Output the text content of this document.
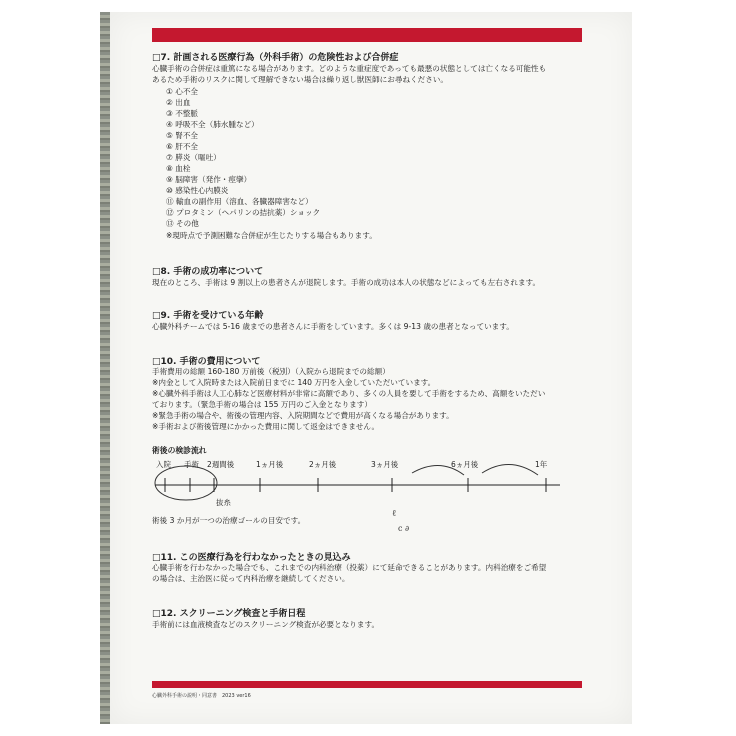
□7. 計画される医療行為（外科手術）の危険性および合併症
心臓手術の合併症は重篤になる場合があります。どのような重症度であっても最悪の状態としては亡くなる可能性も
あるため手術のリスクに関して理解できない場合は繰り返し獣医師にお尋ねください。
① 心不全
② 出血
③ 不整脈
④ 呼吸不全（肺水腫など）
⑤ 腎不全
⑥ 肝不全
⑦ 膵炎（嘔吐）
⑧ 血栓
⑨ 脳障害（発作・痙攣）
⑩ 感染性心内膜炎
⑪ 輸血の副作用（溶血、各臓器障害など）
⑫ プロタミン（ヘパリンの拮抗薬）ショック
⑬ その他
※現時点で予測困難な合併症が生じたりする場合もあります。
□8. 手術の成功率について
現在のところ、手術は 9 割以上の患者さんが退院します。手術の成功は本人の状態などによっても左右されます。
□9. 手術を受けている年齢
心臓外科チームでは 5-16 歳までの患者さんに手術をしています。多くは 9-13 歳の患者となっています。
□10. 手術の費用について
手術費用の総額 160-180 万前後（税別）（入院から退院までの総額）
※内金として入院時または入院前日までに 140 万円を入金していただいています。
※心臓外科手術は人工心肺など医療材料が非常に高額であり、多くの人員を要して手術をするため、高額をいただい
ております。（緊急手術の場合は 155 万円のご入金となります）
※緊急手術の場合や、術後の管理内容、入院期間などで費用が高くなる場合があります。
※手術および術後管理にかかった費用に関して返金はできません。
術後の検診流れ
入院 手術 2週間後	1ヵ月後	2ヵ月後	3ヵ月後	6ヵ月後	1年
抜糸
術後 3 か月が一つの治療ゴールの目安です。
ℓ
c ∂
□11. この医療行為を行わなかったときの見込み
心臓手術を行わなかった場合でも、これまでの内科治療（投薬）にて延命できることがあります。内科治療をご希望
の場合は、主治医に従って内科治療を継続してください。
□12. スクリーニング検査と手術日程
手術前には血液検査などのスクリーニング検査が必要となります。
心臓外科手術の説明・同意書　2023 ver16
